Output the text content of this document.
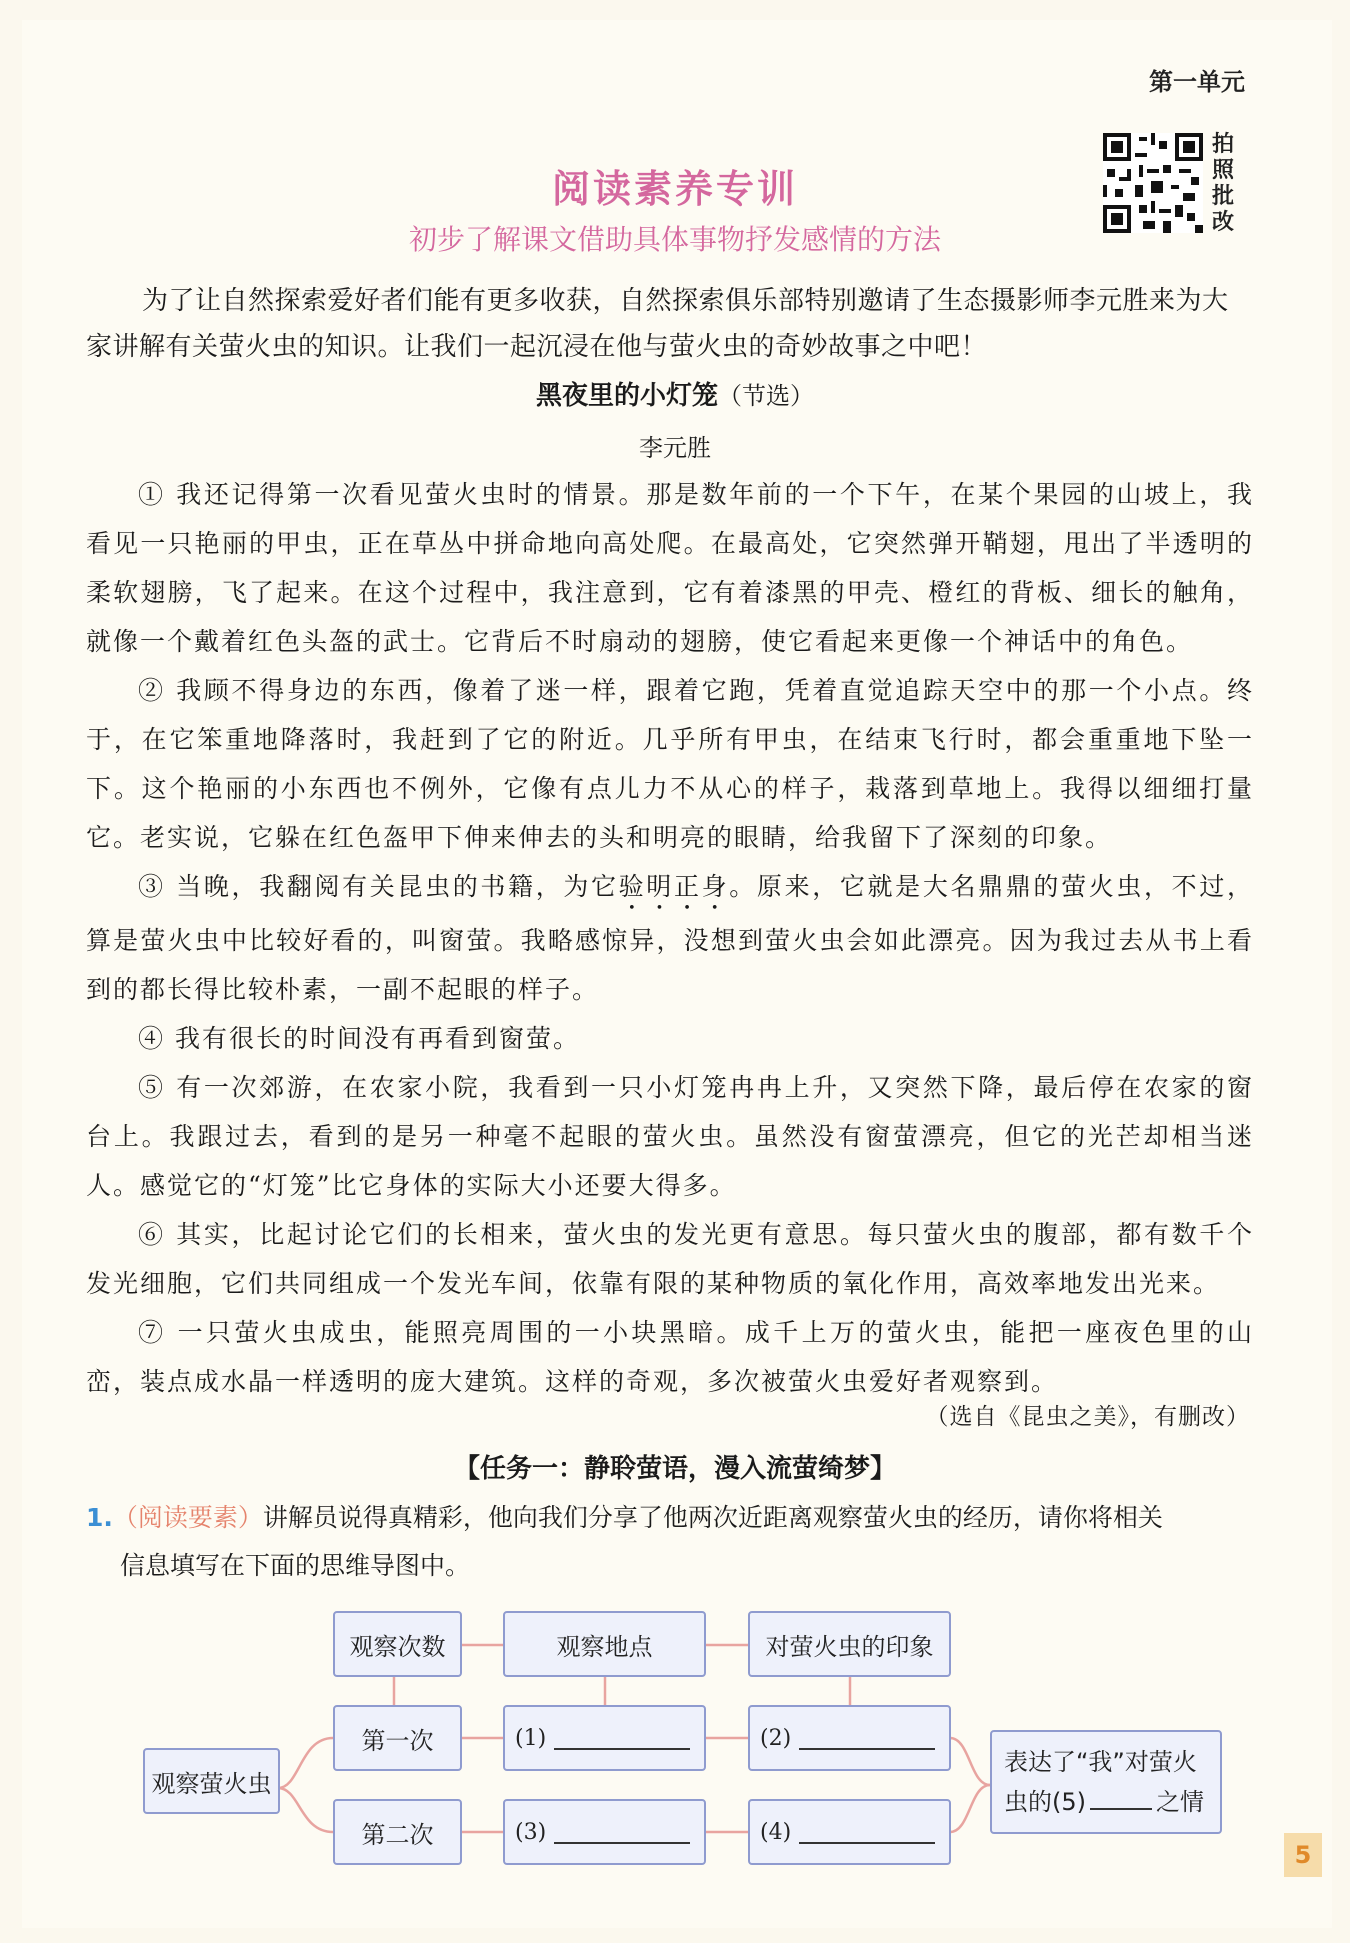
第一单元
拍照批改
阅读素养专训
初步了解课文借助具体事物抒发感情的方法
为了让自然探索爱好者们能有更多收获，自然探索俱乐部特别邀请了生态摄影师李元胜来为大家讲解有关萤火虫的知识。让我们一起沉浸在他与萤火虫的奇妙故事之中吧！
黑夜里的小灯笼（节选）
李元胜

① 我还记得第一次看见萤火虫时的情景。那是数年前的一个下午，在某个果园的山坡上，我看见一只艳丽的甲虫，正在草丛中拼命地向高处爬。在最高处，它突然弹开鞘翅，甩出了半透明的柔软翅膀，飞了起来。在这个过程中，我注意到，它有着漆黑的甲壳、橙红的背板、细长的触角，就像一个戴着红色头盔的武士。它背后不时扇动的翅膀，使它看起来更像一个神话中的角色。

② 我顾不得身边的东西，像着了迷一样，跟着它跑，凭着直觉追踪天空中的那一个小点。终于，在它笨重地降落时，我赶到了它的附近。几乎所有甲虫，在结束飞行时，都会重重地下坠一下。这个艳丽的小东西也不例外，它像有点儿力不从心的样子，栽落到草地上。我得以细细打量它。老实说，它躲在红色盔甲下伸来伸去的头和明亮的眼睛，给我留下了深刻的印象。

③ 当晚，我翻阅有关昆虫的书籍，为它验明正身。原来，它就是大名鼎鼎的萤火虫，不过，算是萤火虫中比较好看的，叫窗萤。我略感惊异，没想到萤火虫会如此漂亮。因为我过去从书上看到的都长得比较朴素，一副不起眼的样子。

④ 我有很长的时间没有再看到窗萤。

⑤ 有一次郊游，在农家小院，我看到一只小灯笼冉冉上升，又突然下降，最后停在农家的窗台上。我跟过去，看到的是另一种毫不起眼的萤火虫。虽然没有窗萤漂亮，但它的光芒却相当迷人。感觉它的“灯笼”比它身体的实际大小还要大得多。

⑥ 其实，比起讨论它们的长相来，萤火虫的发光更有意思。每只萤火虫的腹部，都有数千个发光细胞，它们共同组成一个发光车间，依靠有限的某种物质的氧化作用，高效率地发出光来。

⑦ 一只萤火虫成虫，能照亮周围的一小块黑暗。成千上万的萤火虫，能把一座夜色里的山峦，装点成水晶一样透明的庞大建筑。这样的奇观，多次被萤火虫爱好者观察到。

（选自《昆虫之美》，有删改）
【任务一：静聆萤语，漫入流萤绮梦】
1.（阅读要素）讲解员说得真精彩，他向我们分享了他两次近距离观察萤火虫的经历，请你将相关
信息填写在下面的思维导图中。
观察次数	观察地点	对萤火虫的印象
观察萤火虫
第一次
第二次
(1)	(2)
(3)	(4)
表达了“我”对萤火
虫的(5)	之情
5
